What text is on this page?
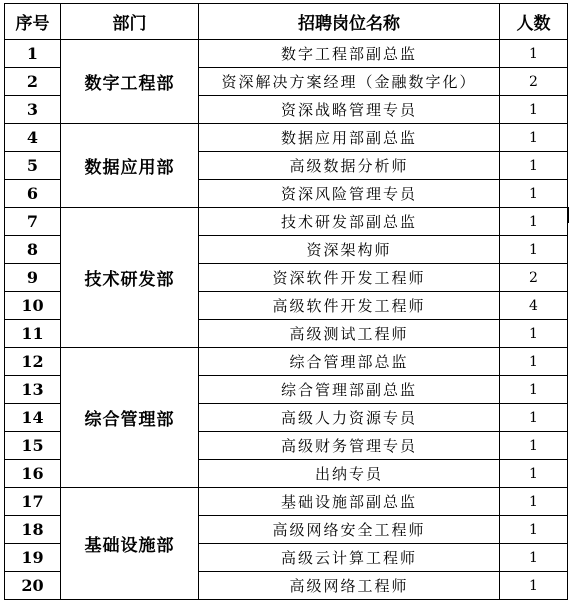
序号	部门	招聘岗位名称	人数
1	数字工程部	数字工程部副总监	1
2		资深解决方案经理（金融数字化）	2
3		资深战略管理专员	1
4	数据应用部	数据应用部副总监	1
5		高级数据分析师	1
6		资深风险管理专员	1
7	技术研发部	技术研发部副总监	1
8		资深架构师	1
9		资深软件开发工程师	2
10		高级软件开发工程师	4
11		高级测试工程师	1
12	综合管理部	综合管理部总监	1
13		综合管理部副总监	1
14		高级人力资源专员	1
15		高级财务管理专员	1
16		出纳专员	1
17	基础设施部	基础设施部副总监	1
18		高级网络安全工程师	1
19		高级云计算工程师	1
20		高级网络工程师	1
